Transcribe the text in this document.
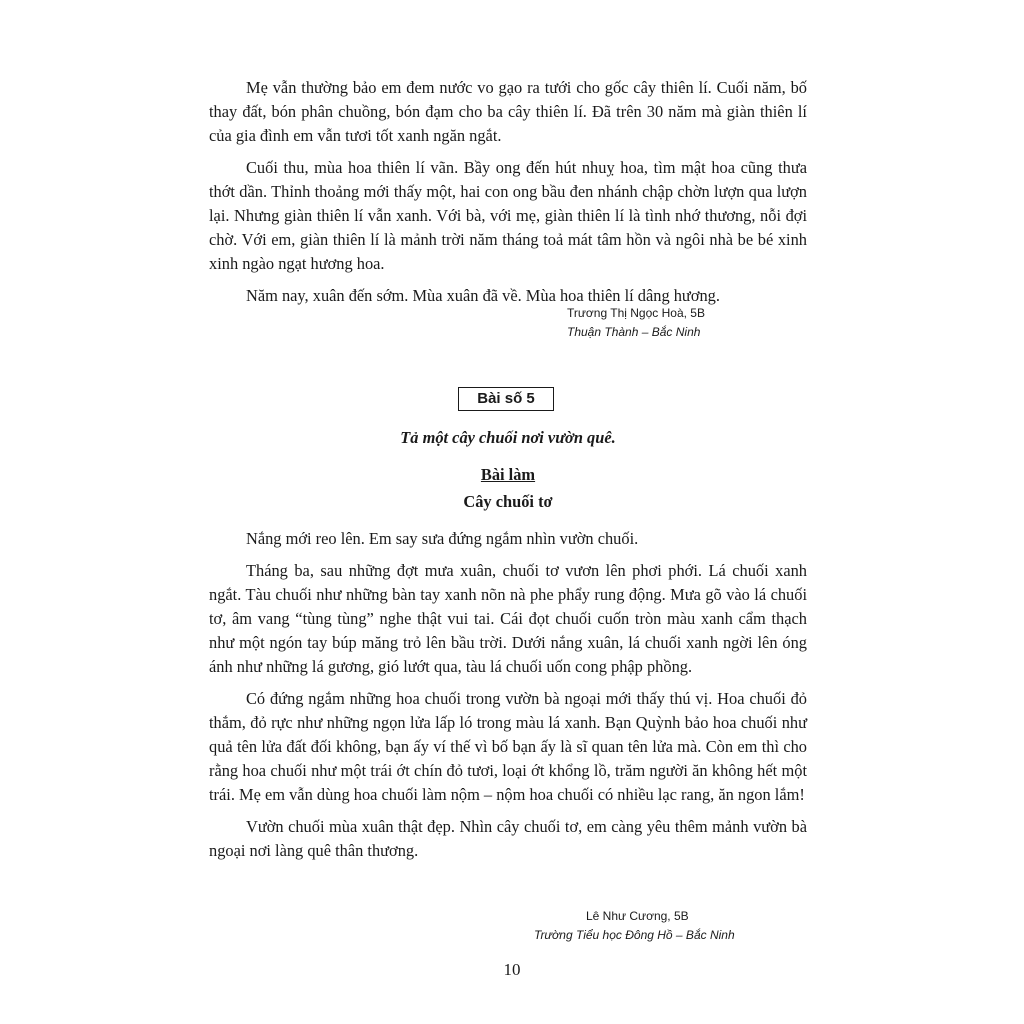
Mẹ vẫn thường bảo em đem nước vo gạo ra tưới cho gốc cây thiên lí. Cuối năm, bố thay đất, bón phân chuồng, bón đạm cho ba cây thiên lí. Đã trên 30 năm mà giàn thiên lí của gia đình em vẫn tươi tốt xanh ngăn ngắt.

Cuối thu, mùa hoa thiên lí vãn. Bầy ong đến hút nhuỵ hoa, tìm mật hoa cũng thưa thớt dần. Thỉnh thoảng mới thấy một, hai con ong bầu đen nhánh chập chờn lượn qua lượn lại. Nhưng giàn thiên lí vẫn xanh. Với bà, với mẹ, giàn thiên lí là tình nhớ thương, nỗi đợi chờ. Với em, giàn thiên lí là mảnh trời năm tháng toả mát tâm hồn và ngôi nhà be bé xinh xinh ngào ngạt hương hoa.

Năm nay, xuân đến sớm. Mùa xuân đã về. Mùa hoa thiên lí dâng hương.

Trương Thị Ngọc Hoà, 5B
Thuận Thành – Bắc Ninh
Bài số 5
Tả một cây chuối nơi vườn quê.
Bài làm
Cây chuối tơ

Nắng mới reo lên. Em say sưa đứng ngắm nhìn vườn chuối.

Tháng ba, sau những đợt mưa xuân, chuối tơ vươn lên phơi phới. Lá chuối xanh ngắt. Tàu chuối như những bàn tay xanh nõn nà phe phẩy rung động. Mưa gõ vào lá chuối tơ, âm vang “tùng tùng” nghe thật vui tai. Cái đọt chuối cuốn tròn màu xanh cẩm thạch như một ngón tay búp măng trỏ lên bầu trời. Dưới nắng xuân, lá chuối xanh ngời lên óng ánh như những lá gương, gió lướt qua, tàu lá chuối uốn cong phập phồng.

Có đứng ngắm những hoa chuối trong vườn bà ngoại mới thấy thú vị. Hoa chuối đỏ thắm, đỏ rực như những ngọn lửa lấp ló trong màu lá xanh. Bạn Quỳnh bảo hoa chuối như quả tên lửa đất đối không, bạn ấy ví thế vì bố bạn ấy là sĩ quan tên lửa mà. Còn em thì cho rằng hoa chuối như một trái ớt chín đỏ tươi, loại ớt khổng lồ, trăm người ăn không hết một trái. Mẹ em vẫn dùng hoa chuối làm nộm – nộm hoa chuối có nhiều lạc rang, ăn ngon lắm!

Vườn chuối mùa xuân thật đẹp. Nhìn cây chuối tơ, em càng yêu thêm mảnh vườn bà ngoại nơi làng quê thân thương.

Lê Như Cương, 5B
Trường Tiểu học Đông Hồ – Bắc Ninh
10
